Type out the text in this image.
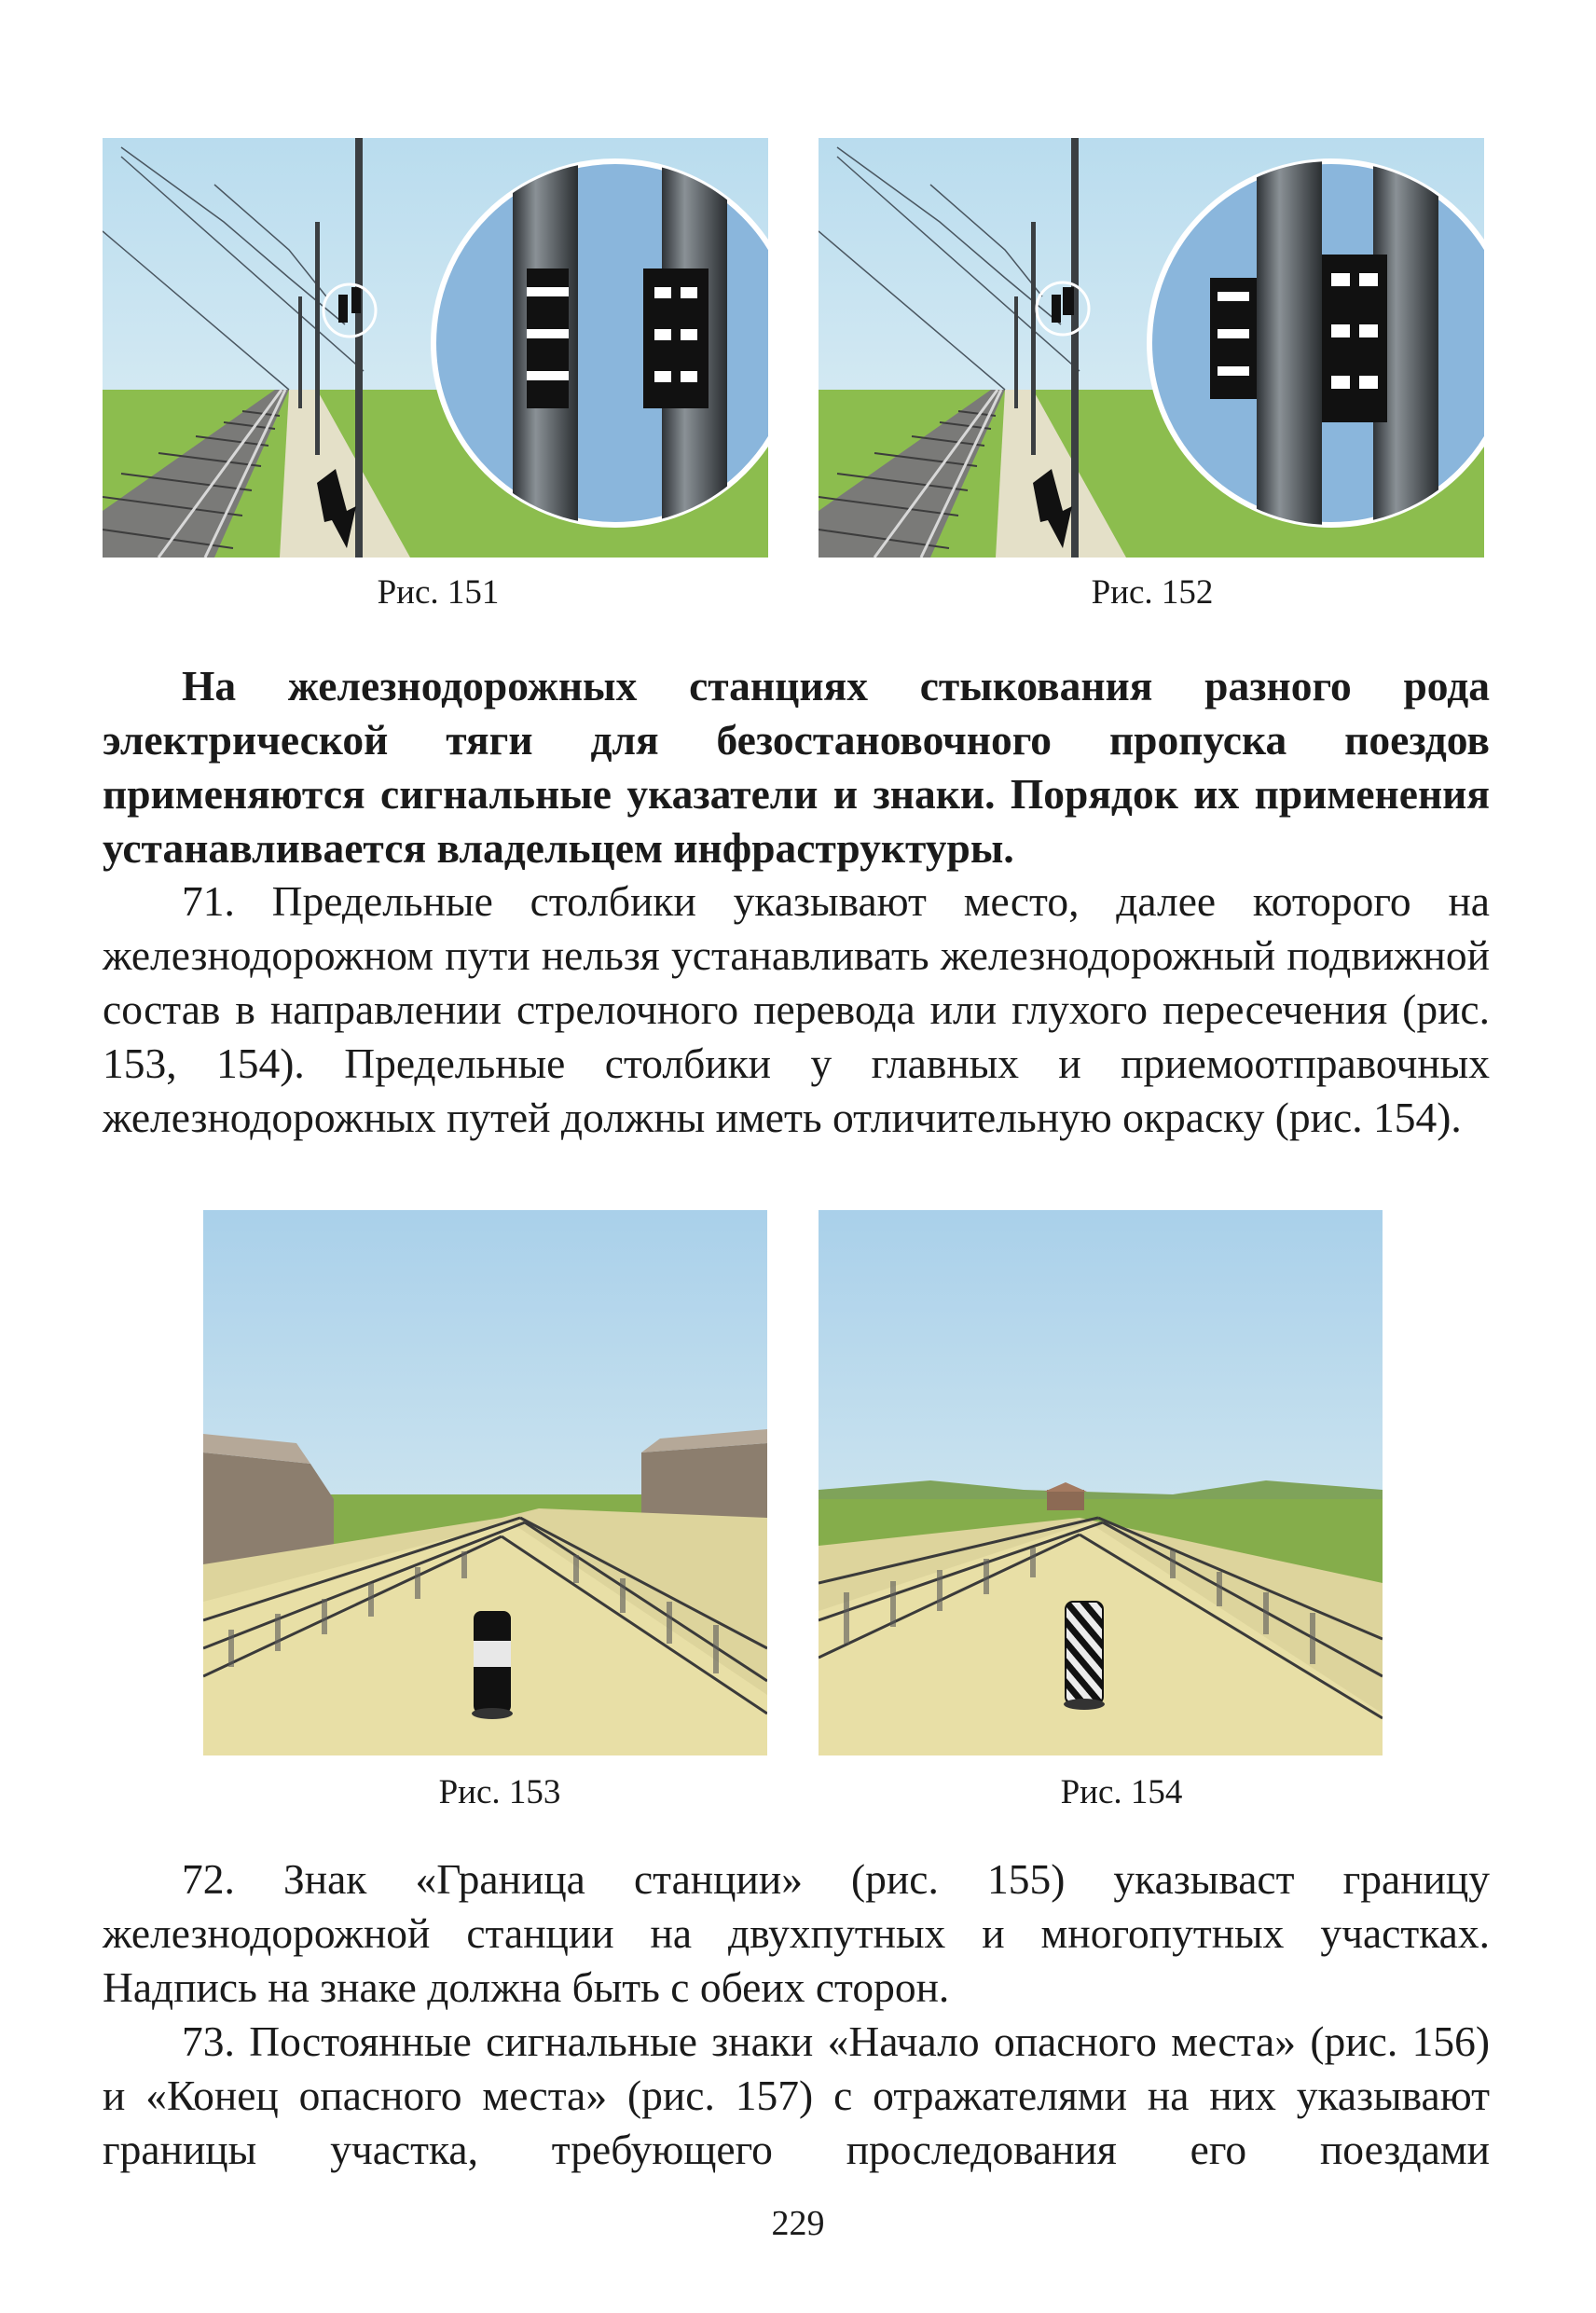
Рис. 151	Рис. 152

На железнодорожных станциях стыкования разного рода электрической тяги для безостановочного пропуска поездов применяются сигнальные указатели и знаки. Порядок их применения устанавливается владельцем инфраструктуры.

71. Предельные столбики указывают место, далее которого на железнодорожном пути нельзя устанавливать железнодорожный подвижной состав в направлении стрелочного перевода или глухого пересечения (рис. 153, 154). Предельные столбики у главных и приемоотправочных железнодорожных путей должны иметь отличительную окраску (рис. 154).

Рис. 153	Рис. 154

72. Знак «Граница станции» (рис. 155) указываст границу железнодорожной станции на двухпутных и многопутных участках. Надпись на знаке должна быть с обеих сторон.

73. Постоянные сигнальные знаки «Начало опасного места» (рис. 156) и «Конец опасного места» (рис. 157) с отражателями на них указывают границы участка, требующего проследования его поездами

229
